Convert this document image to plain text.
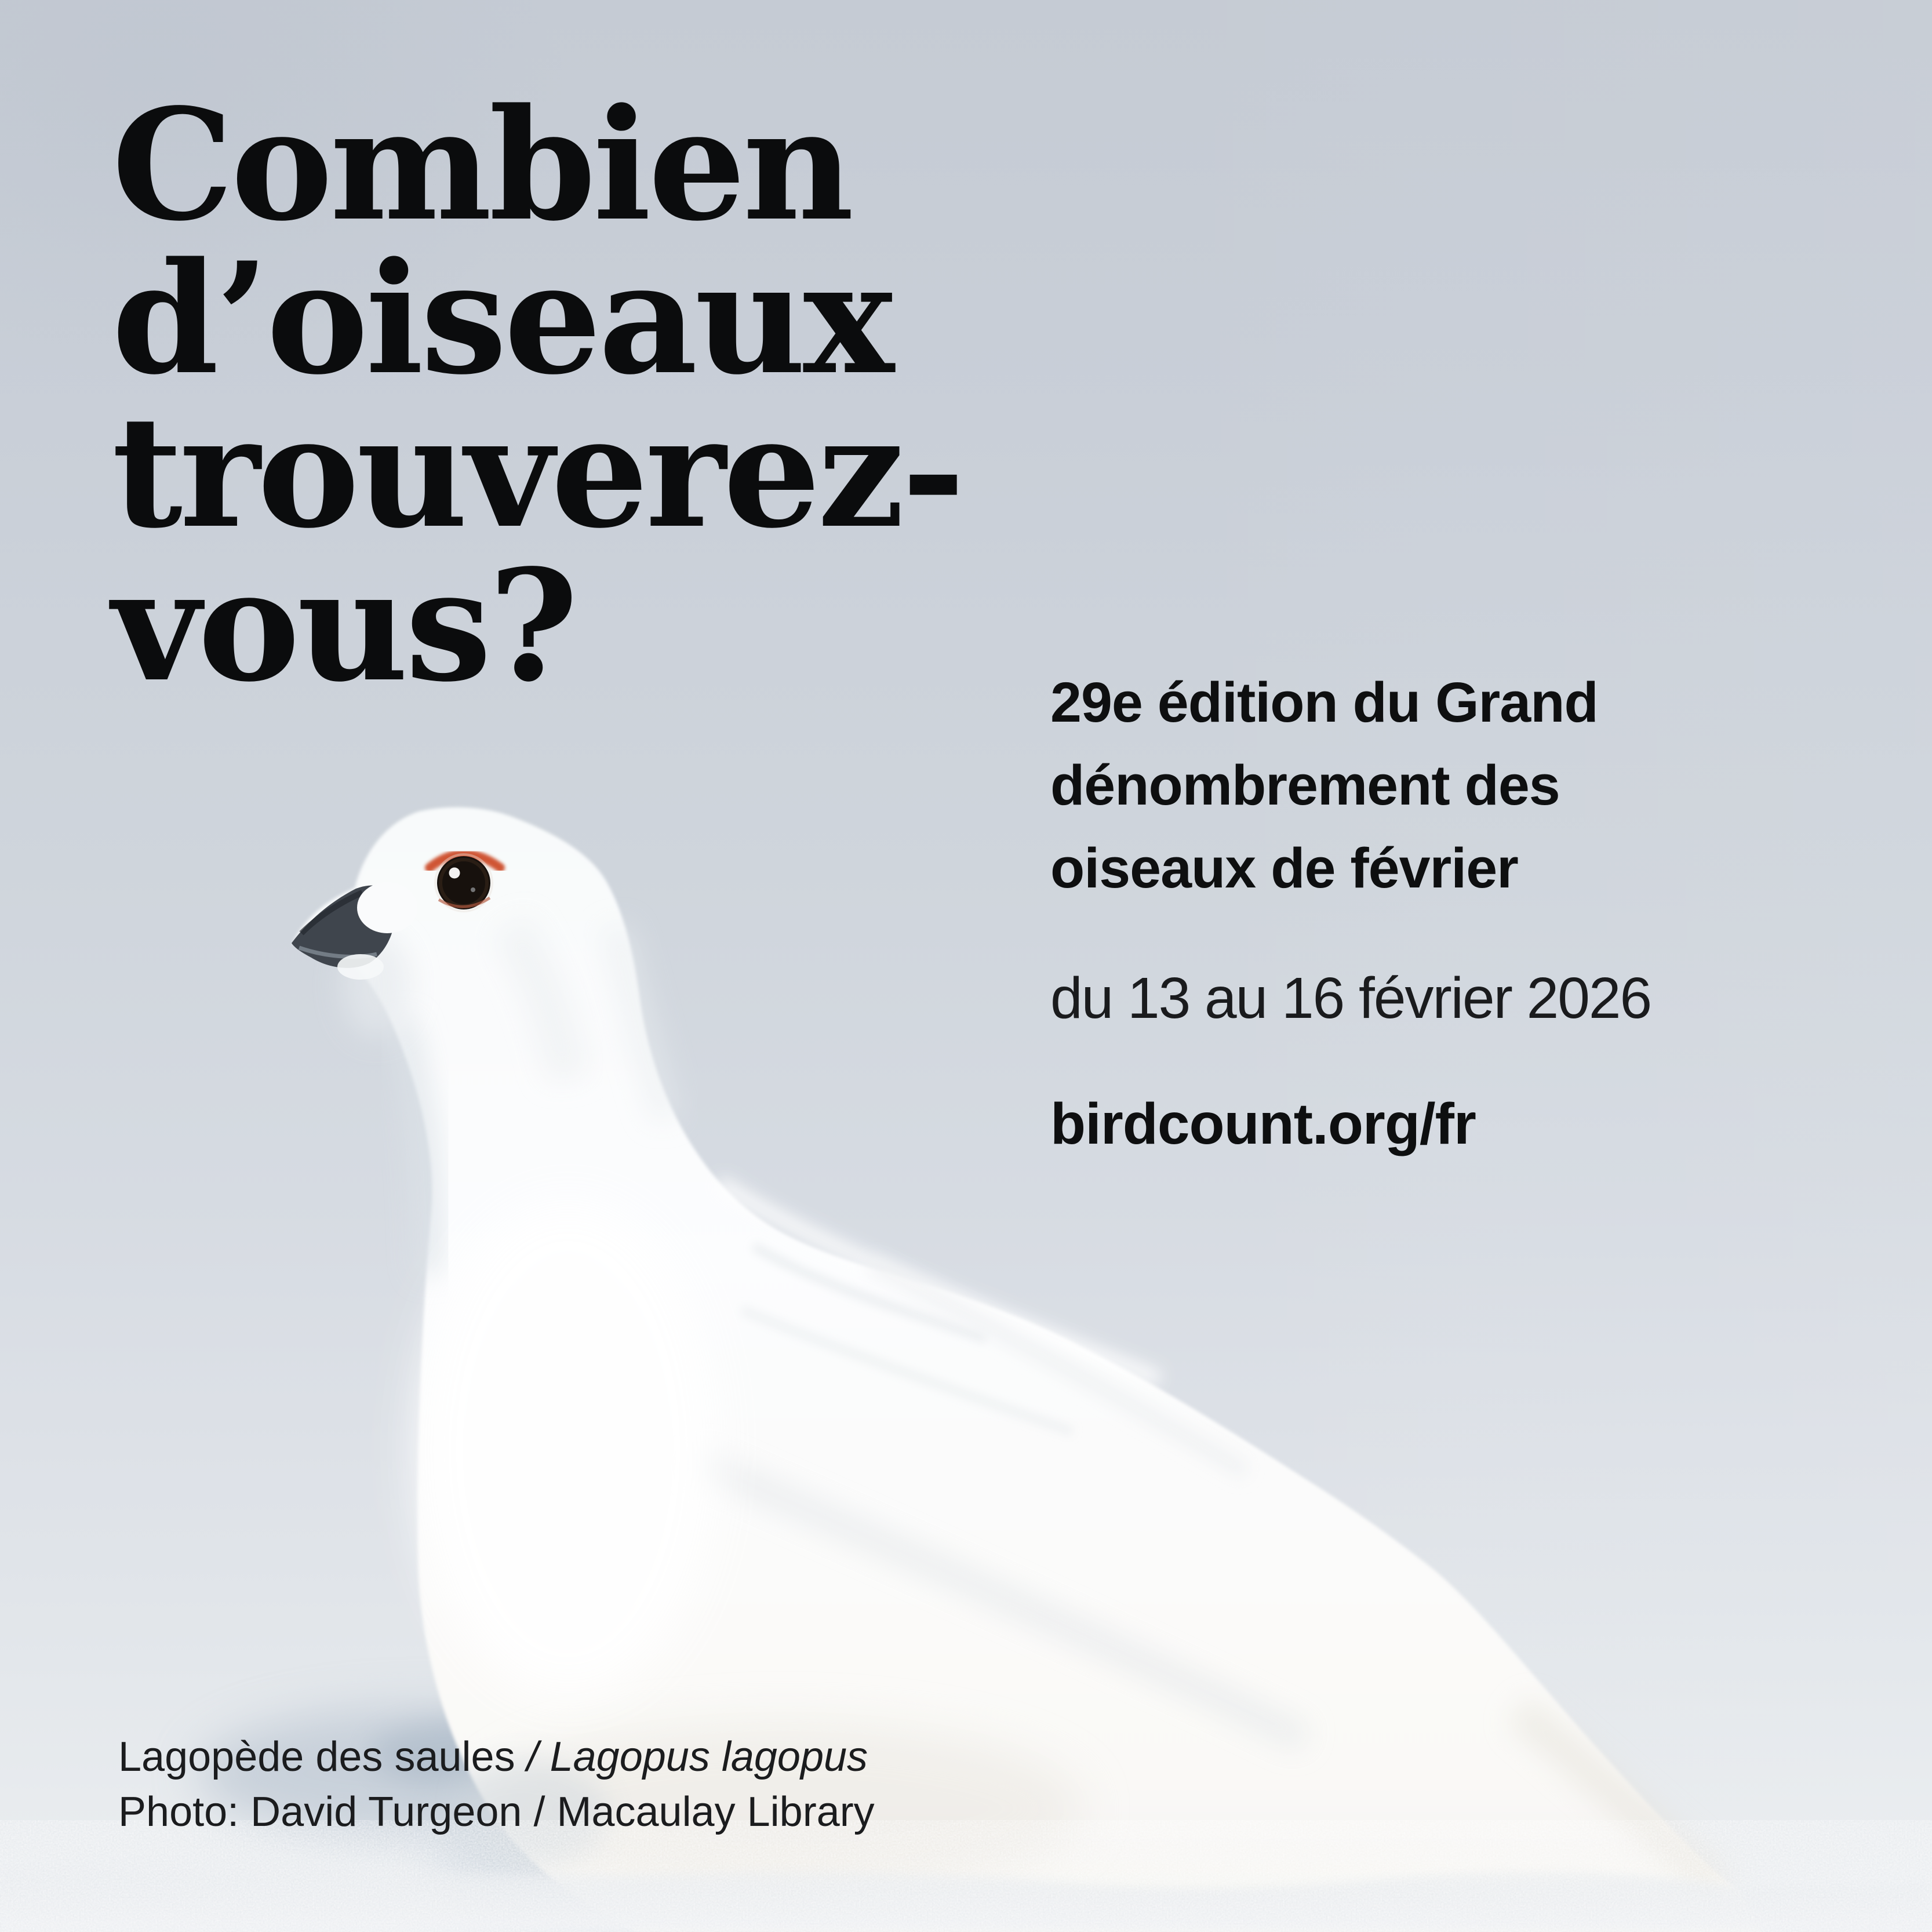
Combien
d’oiseaux
trouverez-
vous?	29e édition du Grand
dénombrement des
oiseaux de février
du 13 au 16 février 2026
birdcount.org/fr
Lagopède des saules / Lagopus lagopus
Photo: David Turgeon / Macaulay Library
